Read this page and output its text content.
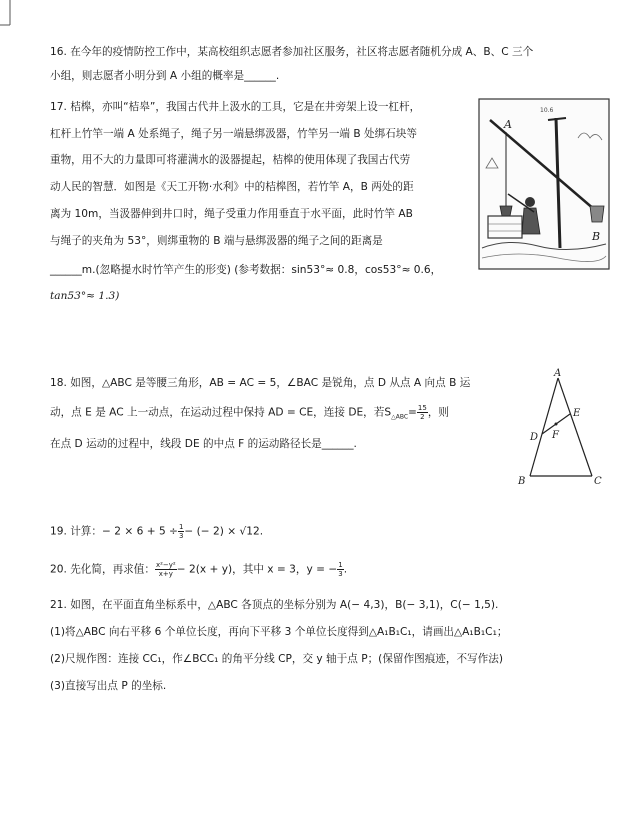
16. 在今年的疫情防控工作中，某高校组织志愿者参加社区服务，社区将志愿者随机分成 A、B、C 三个
小组，则志愿者小明分到 A 小组的概率是______.
17. 桔槔，亦叫“桔皋”，我国古代井上汲水的工具，它是在井旁架上设一杠杆，
杠杆上竹竿一端 A 处系绳子，绳子另一端悬绑汲器，竹竿另一端 B 处绑石块等
重物，用不大的力量即可将灌满水的汲器提起，桔槔的使用体现了我国古代劳
动人民的智慧．如图是《天工开物·水利》中的桔槔图，若竹竿 A，B 两处的距
离为 10m，当汲器伸到井口时，绳子受重力作用垂直于水平面，此时竹竿 AB
与绳子的夹角为 53°，则绑重物的 B 端与悬绑汲器的绳子之间的距离是
______m.(忽略提水时竹竿产生的形变) (参考数据：sin53°≈ 0.8，cos53°≈ 0.6，
tan53°≈ 1.3)
A
B
10.6
18. 如图，△ABC 是等腰三角形，AB = AC = 5，∠BAC 是锐角，点 D 从点 A 向点 B 运
动，点 E 是 AC 上一动点，在运动过程中保持 AD = CE，连接 DE，若$S_{\triangle ABC}= \frac{15}{2}$ ，则
在点 D 运动的过程中，线段 DE 的中点 F 的运动路径长是______.
A
B	C
D
E
F
19. 计算：− $2 \times 6 + 5 \div \frac{1}{3}$ − (− 2) × √12.
20. 先化简，再求值： $\frac{\text{x²−y²}}{x+y} - 2(x + y)$，其中 x = 3，y = − $\frac{1}{3}$ .
21. 如图，在平面直角坐标系中，△ABC 各顶点的坐标分别为 A(− 4,3)，B(− 3,1)，C(− 1,5).
(1)将△ABC 向右平移 6 个单位长度，再向下平移 3 个单位长度得到△A₁B₁C₁，请画出△A₁B₁C₁；
(2)尺规作图：连接 CC₁，作∠BCC₁ 的角平分线 CP，交 y 轴于点 P；(保留作图痕迹，不写作法)
(3)直接写出点 P 的坐标.
